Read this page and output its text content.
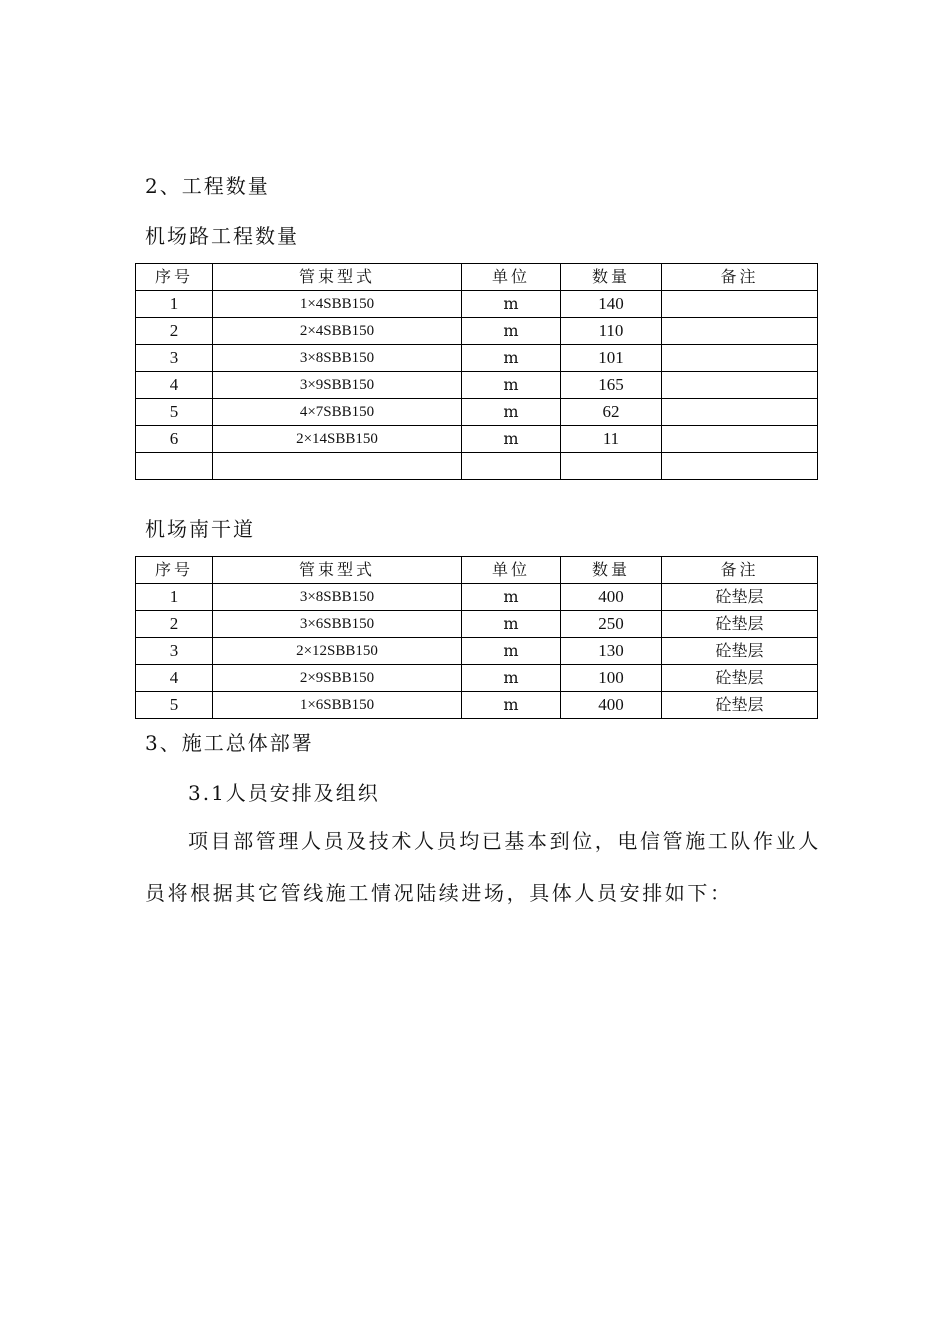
2、工程数量
机场路工程数量
序号	管束型式	单位	数量	备注
1	1×4SBB150	m	140	
2	2×4SBB150	m	110	
3	3×8SBB150	m	101	
4	3×9SBB150	m	165	
5	4×7SBB150	m	62	
6	2×14SBB150	m	11	

机场南干道
序号	管束型式	单位	数量	备注
1	3×8SBB150	m	400	砼垫层
2	3×6SBB150	m	250	砼垫层
3	2×12SBB150	m	130	砼垫层
4	2×9SBB150	m	100	砼垫层
5	1×6SBB150	m	400	砼垫层
3、施工总体部署
3.1人员安排及组织
项目部管理人员及技术人员均已基本到位，电信管施工队作业人
员将根据其它管线施工情况陆续进场，具体人员安排如下：
